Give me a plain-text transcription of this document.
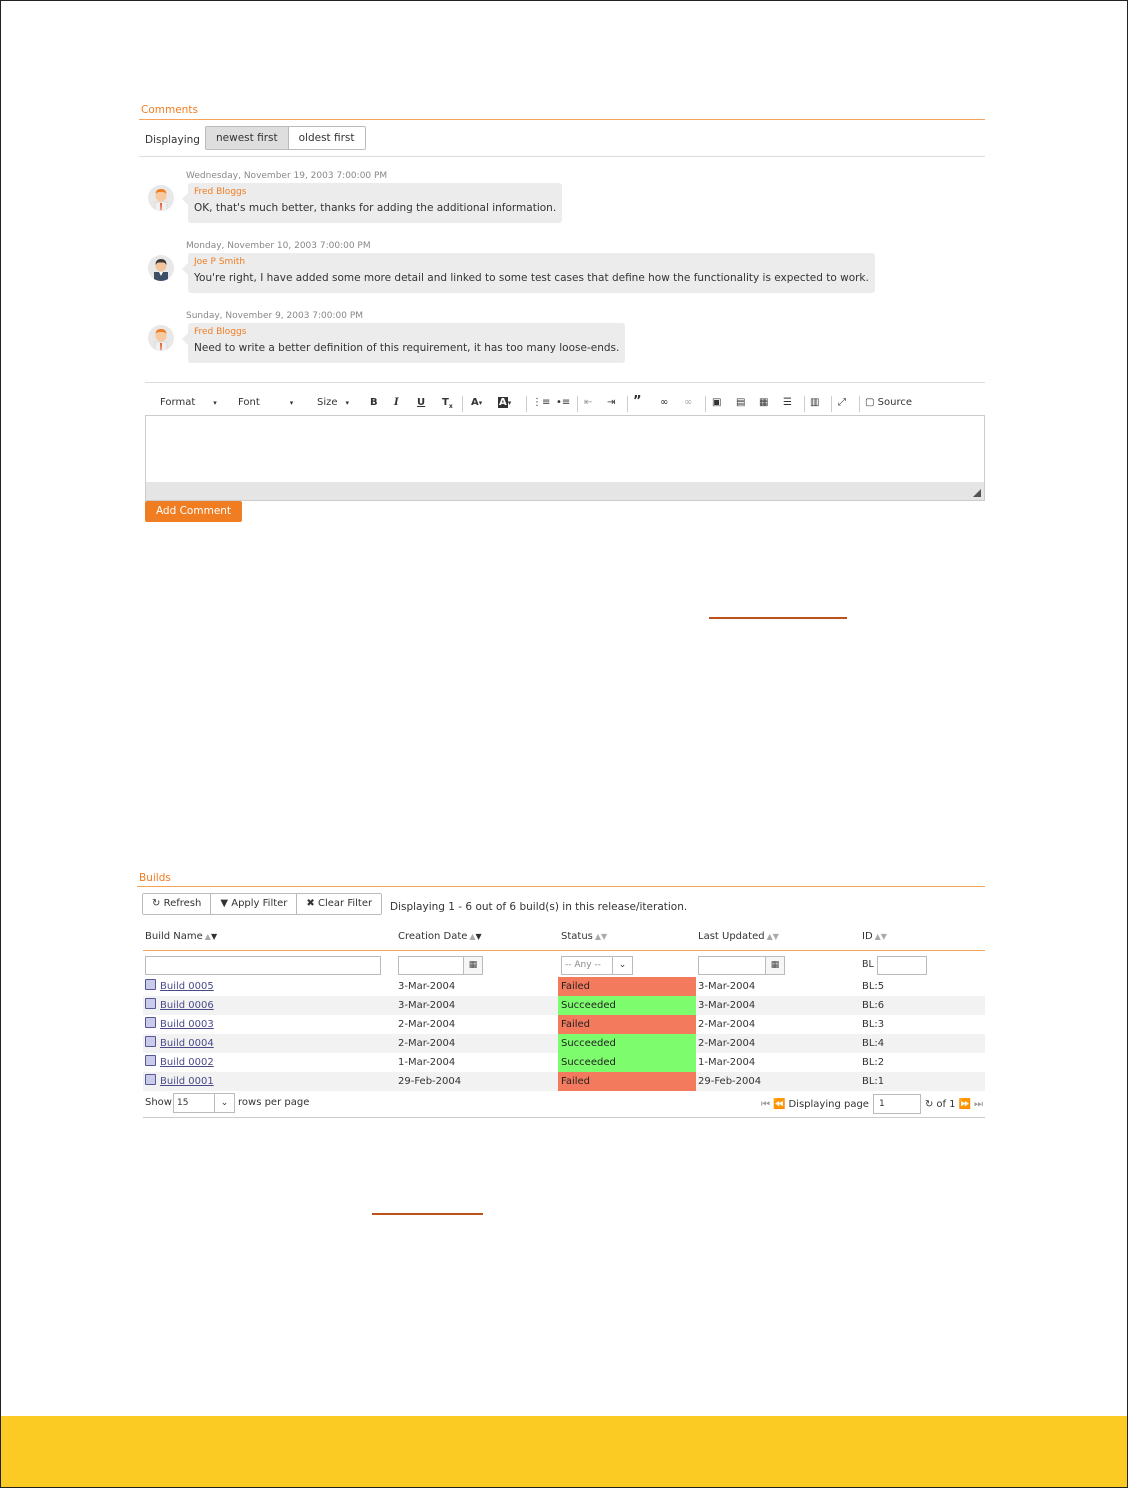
Comments
Displaying	newest first	oldest first
Wednesday, November 19, 2003 7:00:00 PM
Fred Bloggs
OK, that's much better, thanks for adding the additional information.
Monday, November 10, 2003 7:00:00 PM
Joe P Smith
You're right, I have added some more detail and linked to some test cases that define how the functionality is expected to work.
Sunday, November 9, 2003 7:00:00 PM
Fred Bloggs
Need to write a better definition of this requirement, it has too many loose-ends.
Format	▾ Font	▾ Size ▾ B I U $T_x$ A▾ A▾ ⋮≡ •≡ ⇤ ⇥ ” ∞ ∞ ▣ ▤ ▦ ☰ ▥ ⤢ ▢ Source
Add Comment
Builds
↻ Refresh	▼ Apply Filter	✖ Clear Filter	Displaying 1 - 6 out of 6 build(s) in this release/iteration.
Build Name ▲▼	Creation Date ▲▼	Status ▲▼	Last Updated ▲▼	ID ▲▼
▦	-- Any --	⌄	▦	BL
Build 0005	3-Mar-2004	Failed	3-Mar-2004	BL:5
Build 0006	3-Mar-2004	Succeeded	3-Mar-2004	BL:6
Build 0003	2-Mar-2004	Failed	2-Mar-2004	BL:3
Build 0004	2-Mar-2004	Succeeded	2-Mar-2004	BL:4
Build 0002	1-Mar-2004	Succeeded	1-Mar-2004	BL:2
Build 0001	29-Feb-2004	Failed	29-Feb-2004	BL:1
Show 15	⌄ rows per page	⏮ ⏪ Displaying page	1	↻ of 1 ⏩ ⏭
